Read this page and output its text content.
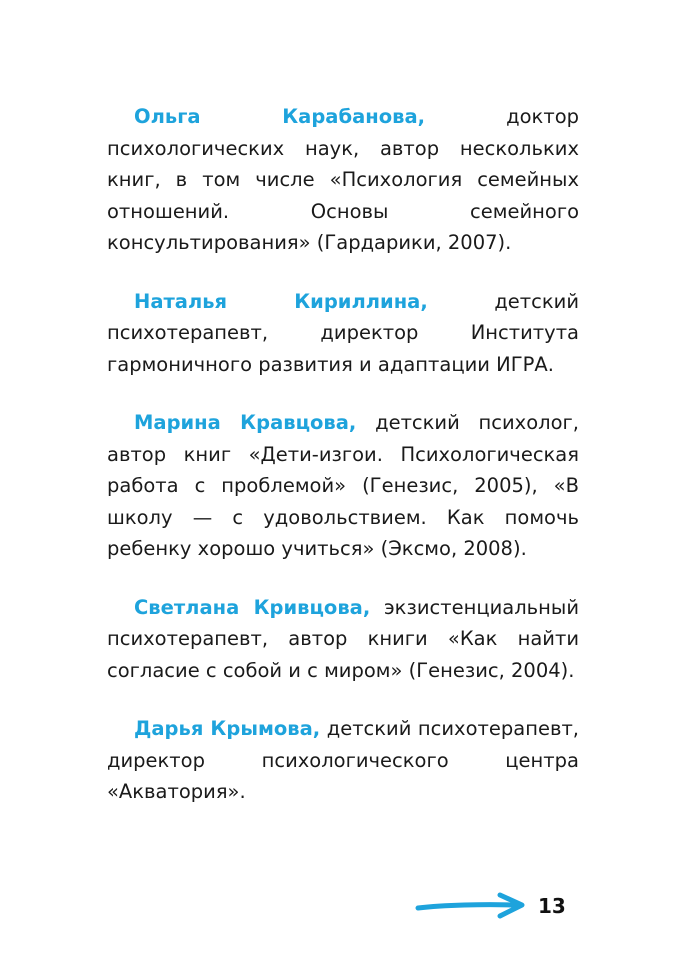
Ольга Карабанова,	доктор психологических наук, автор нескольких книг, в том числе «Психология семейных отношений. Основы семейного консультирования» (Гардарики, 2007).

Наталья Кириллина,	детский психотерапевт, директор Института гармоничного развития и адаптации ИГРА.

Марина Кравцова, детский психолог, автор книг «Дети-изгои. Психологическая работа с проблемой» (Генезис, 2005), «В школу — с удовольствием. Как помочь ребенку хорошо учиться» (Эксмо, 2008).

Светлана Кривцова, экзистенциальный психотерапевт, автор книги «Как найти согласие с собой и с миром» (Генезис, 2004).

Дарья Крымова, детский психотерапевт, директор психологического центра «Акватория».

13
